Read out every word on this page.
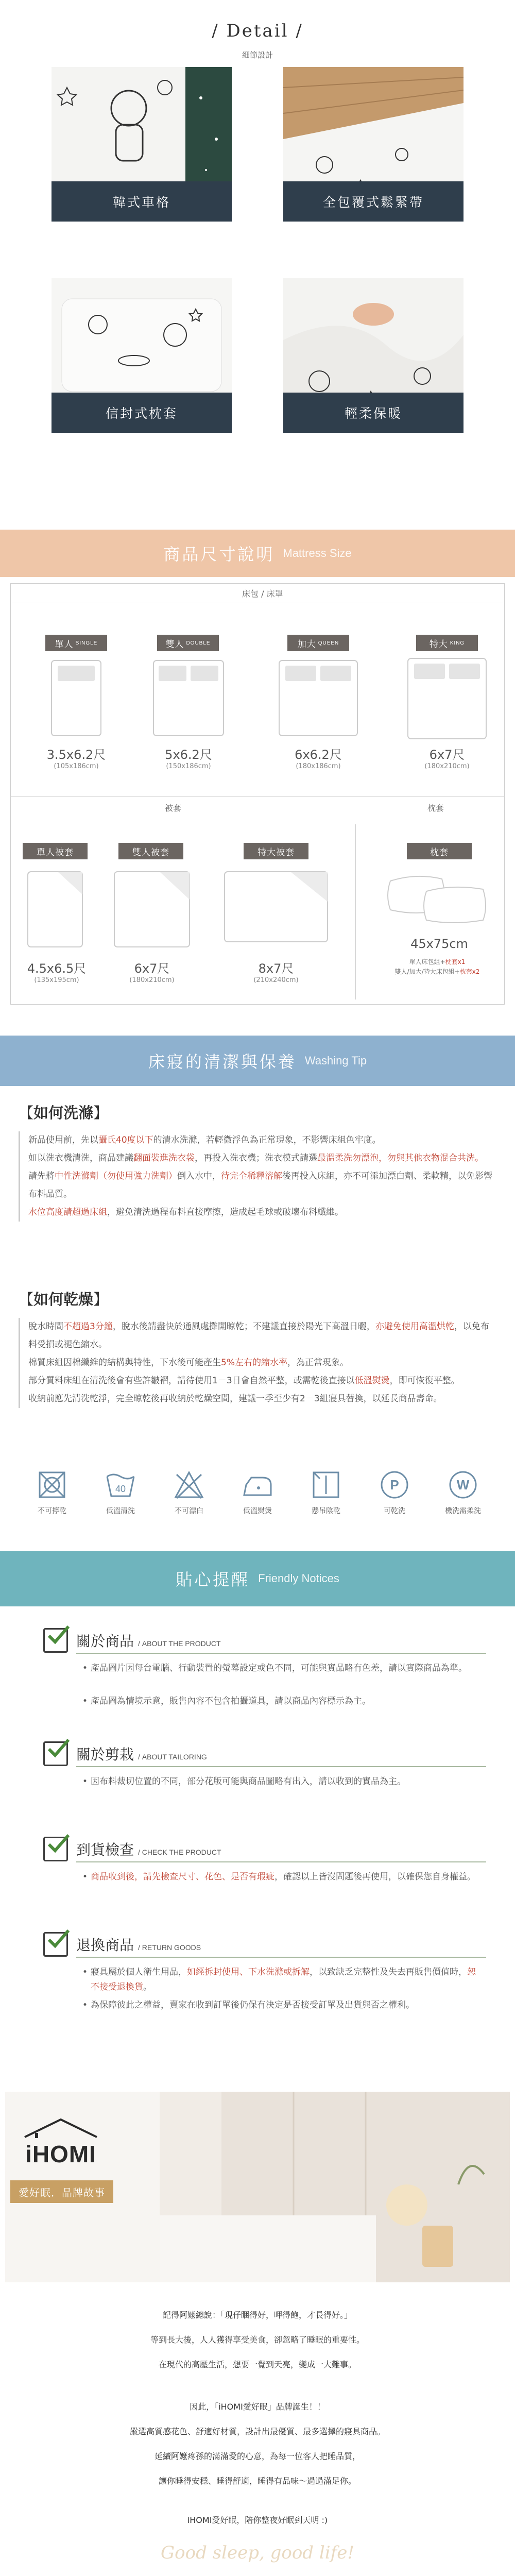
/ Detail /
細節設計
韓式車格	全包覆式鬆緊帶
信封式枕套	輕柔保暖
商品尺寸說明 Mattress Size
床包 / 床罩
單人 SINGLE	雙人 DOUBLE	加大 QUEEN	特大 KING
3.5x6.2尺
(105x186cm)
5x6.2尺
(150x186cm)
6x6.2尺
(180x186cm)
6x7尺
(180x210cm)
被套	枕套
單人被套	雙人被套	特大被套	枕套
4.5x6.5尺
(135x195cm)
6x7尺
(180x210cm)
8x7尺
(210x240cm)
45x75cm
單人床包組+枕套x1
雙人/加大/特大床包組+枕套x2
床寢的清潔與保養 Washing Tip
【如何洗滌】

新品使用前，先以攝氏40度以下的清水洗滌，若輕微浮色為正常現象，不影響床組色牢度。

如以洗衣機清洗，商品建議翻面裝進洗衣袋，再投入洗衣機；洗衣模式請選最溫柔洗勿漂泡，勿與其他衣物混合共洗。

請先將中性洗滌劑（勿使用強力洗劑）倒入水中，待完全稀釋溶解後再投入床組，亦不可添加漂白劑、柔軟精，以免影響布料品質。

水位高度請超過床組，避免清洗過程布料直接摩擦，造成起毛球或破壞布料纖維。

【如何乾燥】

脫水時間不超過3分鐘，脫水後請盡快於通風處攤開晾乾；不建議直接於陽光下高溫日曬，亦避免使用高溫烘乾，以免布料受損或褪色縮水。

棉質床組因棉纖維的結構與特性，下水後可能產生5%左右的縮水率，為正常現象。

部分質料床組在清洗後會有些許皺褶，請待使用1－3日會自然平整，或需乾後直接以低溫熨燙，即可恢復平整。

收納前應先清洗乾淨，完全晾乾後再收納於乾燥空間，建議一季至少有2－3組寢具替換，以延長商品壽命。

不可擰乾
40
低溫清洗	不可漂白	低溫熨燙	懸吊陰乾
P
可乾洗
W
機洗需柔洗
貼心提醒 Friendly Notices
關於商品 / ABOUT THE PRODUCT
• 產品圖片因每台電腦、行動裝置的螢幕設定或色不同，可能與實品略有色差，請以實際商品為準。
• 產品圖為情境示意，販售內容不包含拍攝道具，請以商品內容標示為主。
關於剪栽 / ABOUT TAILORING
• 因布料裁切位置的不同，部分花版可能與商品圖略有出入，請以收到的實品為主。
到貨檢查 / CHECK THE PRODUCT
• 商品收到後，請先檢查尺寸、花色、是否有瑕疵，確認以上皆沒問題後再使用，以確保您自身權益。
退換商品 / RETURN GOODS
• 寢具屬於個人衛生用品，如經拆封使用、下水洗滌或拆解，以致缺乏完整性及失去再販售價值時，恕不接受退換貨。
• 為保障彼此之權益，賣家在收到訂單後仍保有決定是否接受訂單及出貨與否之權利。
iHOMI
愛好眠．品牌故事
記得阿嬤總說：「現仔睏得好，呷得飽，才長得好。」
等到長大後，人人獲得享受美食，卻忽略了睡眠的重要性。
在現代的高壓生活，想要一覺到天亮，變成一大難事。
因此，「iHOMI愛好眠」品牌誕生！！
嚴選高質感花色、舒適好材質，設計出最優質、最多選擇的寢具商品。
延續阿嬤疼孫的滿滿愛的心意，為每一位客人把睡品質，
讓你睡得安穩、睡得舒適，睡得有品味～過過滿足你。
iHOMI愛好眠，陪你整夜好眠到天明 :)
Good sleep, good life!
